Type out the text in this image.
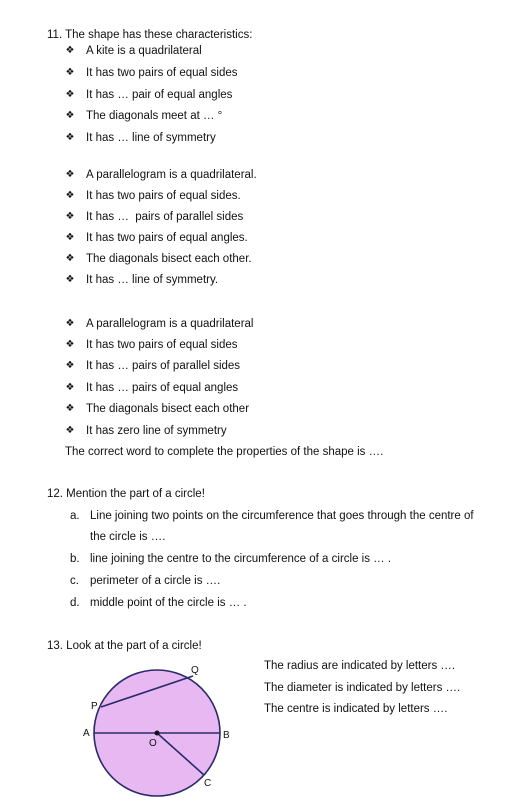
11. The shape has these characteristics:
❖ A kite is a quadrilateral
❖ It has two pairs of equal sides
❖ It has … pair of equal angles
❖ The diagonals meet at … °
❖ It has … line of symmetry
❖ A parallelogram is a quadrilateral.
❖ It has two pairs of equal sides.
❖ It has …  pairs of parallel sides
❖ It has two pairs of equal angles.
❖ The diagonals bisect each other.
❖ It has … line of symmetry.
❖ A parallelogram is a quadrilateral
❖ It has two pairs of equal sides
❖ It has … pairs of parallel sides
❖ It has … pairs of equal angles
❖ The diagonals bisect each other
❖ It has zero line of symmetry
The correct word to complete the properties of the shape is ….
12. Mention the part of a circle!
a. Line joining two points on the circumference that goes through the centre of
the circle is ….
b. line joining the centre to the circumference of a circle is … .
c. perimeter of a circle is ….
d. middle point of the circle is … .
13. Look at the part of a circle!
Q
P
A
O
B
C
The radius are indicated by letters ….
The diameter is indicated by letters ….
The centre is indicated by letters ….
